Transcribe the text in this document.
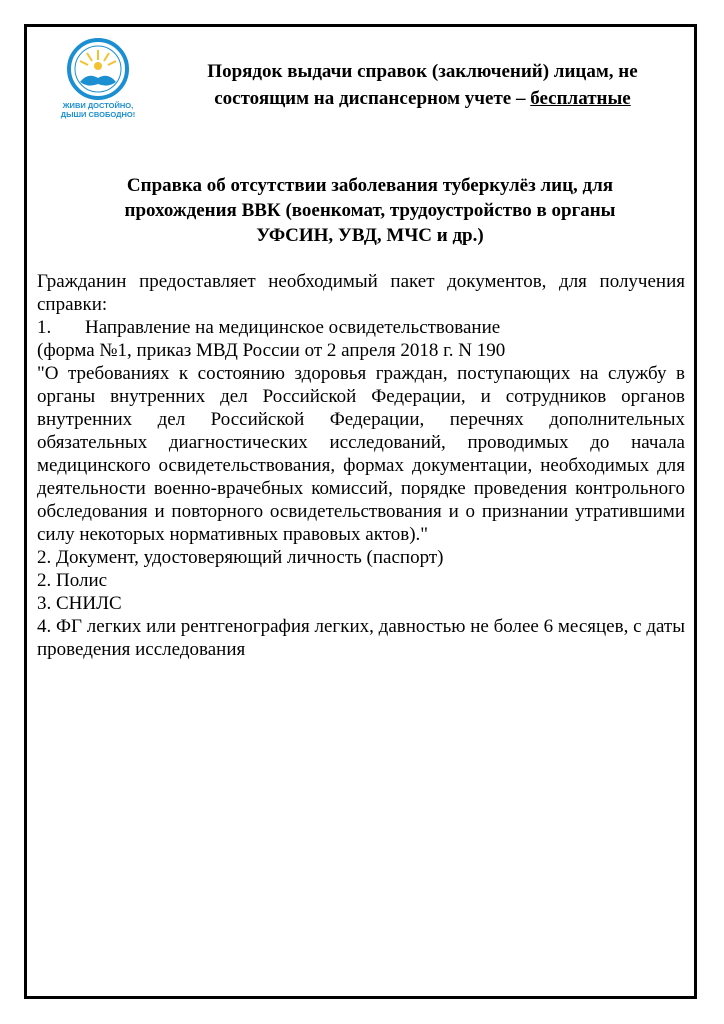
ЖИВИ ДОСТОЙНО,
ДЫШИ СВОБОДНО!
Порядок выдачи справок (заключений) лицам, не
состоящим на диспансерном учете – бесплатные
Справка об отсутствии заболевания туберкулёз лиц, для
прохождения ВВК (военкомат, трудоустройство в органы
УФСИН, УВД, МЧС и др.)

Гражданин предоставляет необходимый пакет документов, для получения справки:

1. Направление на медицинское освидетельствование

(форма №1, приказ МВД России от 2 апреля 2018 г. N 190

"О требованиях к состоянию здоровья граждан, поступающих на службу в органы внутренних дел Российской Федерации, и сотрудников органов внутренних дел Российской Федерации, перечнях дополнительных обязательных диагностических исследований, проводимых до начала медицинского освидетельствования, формах документации, необходимых для деятельности военно-врачебных комиссий, порядке проведения контрольного обследования и повторного освидетельствования и о признании утратившими силу некоторых нормативных правовых актов)."

2. Документ, удостоверяющий личность (паспорт)

2. Полис

3. СНИЛС

4. ФГ легких или рентгенография легких, давностью не более 6 месяцев, с даты проведения исследования
